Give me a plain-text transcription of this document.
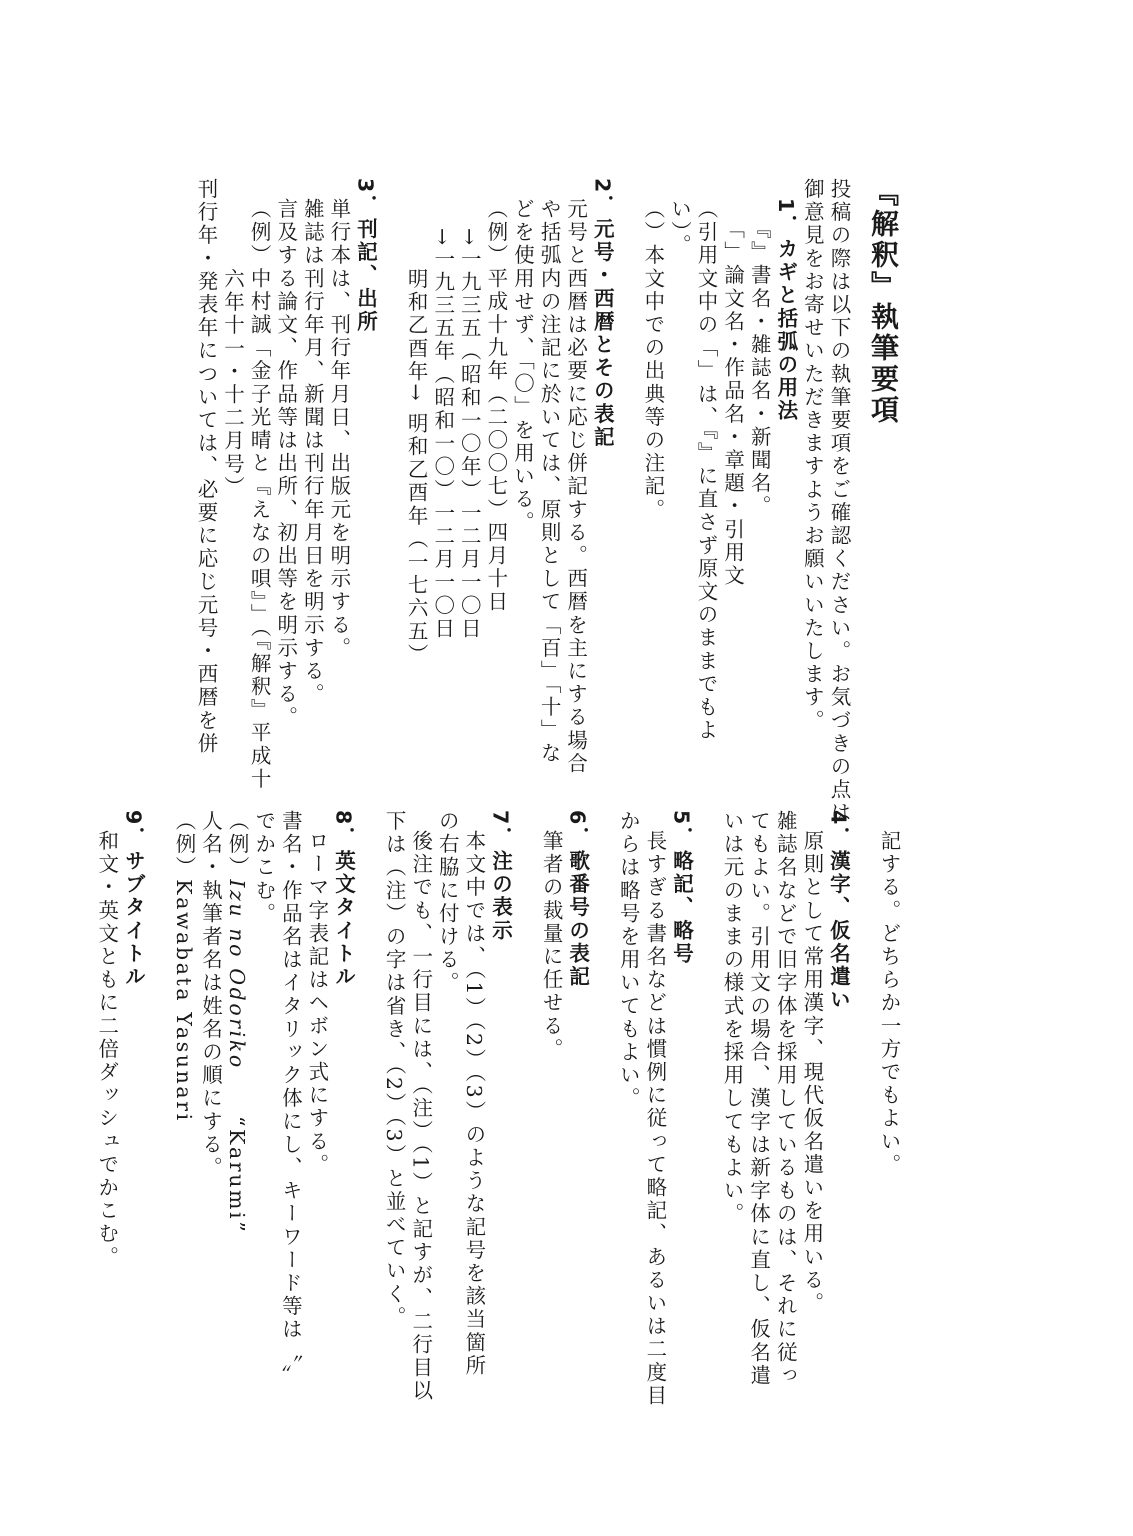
『解釈』執筆要項
投稿の際は以下の執筆要項をご確認ください。お気づきの点は
御意見をお寄せいただきますようお願いいたします。
1．カギと括弧の用法
『』書名・雑誌名・新聞名。
「」論文名・作品名・章題・引用文
（引用文中の「」は、『』に直さず原文のままでもよ
い）。
（）本文中での出典等の注記。
2．元号・西暦とその表記
元号と西暦は必要に応じ併記する。西暦を主にする場合
や括弧内の注記に於いては、原則として「百」「十」な
どを使用せず、「〇」を用いる。
（例）平成十九年（二〇〇七）四月十日
→一九三五（昭和一〇年）一二月一〇日
→一九三五年（昭和一〇）一二月一〇日
明和乙酉年→ 明和乙酉年（一七六五）
3．刊記、出所
単行本は、刊行年月日、出版元を明示する。
雑誌は刊行年月、新聞は刊行年月日を明示する。
言及する論文、作品等は出所、初出等を明示する。
（例）中村誠「金子光晴と『えなの唄』」（『解釈』平成十
六年十一・十二月号）
刊行年・発表年については、必要に応じ元号・西暦を併
記する。どちらか一方でもよい。
4．漢字、仮名遣い
原則として常用漢字、現代仮名遣いを用いる。
雑誌名などで旧字体を採用しているものは、それに従っ
てもよい。引用文の場合、漢字は新字体に直し、仮名遣
いは元のままの様式を採用してもよい。
5．略記、略号
長すぎる書名などは慣例に従って略記、あるいは二度目
からは略号を用いてもよい。
6．歌番号の表記
筆者の裁量に任せる。
7．注の表示
本文中では、（1）（2）（3）のような記号を該当箇所
の右脇に付ける。
後注でも、一行目には、（注）（1）と記すが、二行目以
下は（注）の字は省き、（2）（3）と並べていく。
8．英文タイトル
ローマ字表記はヘボン式にする。
書名・作品名はイタリック体にし、キーワード等は〝〟
でかこむ。
（例）Izu no Odoriko　　“Karumi”
人名・執筆者名は姓名の順にする。
（例）Kawabata Yasunari
9．サブタイトル
和文・英文ともに二倍ダッシュでかこむ。
